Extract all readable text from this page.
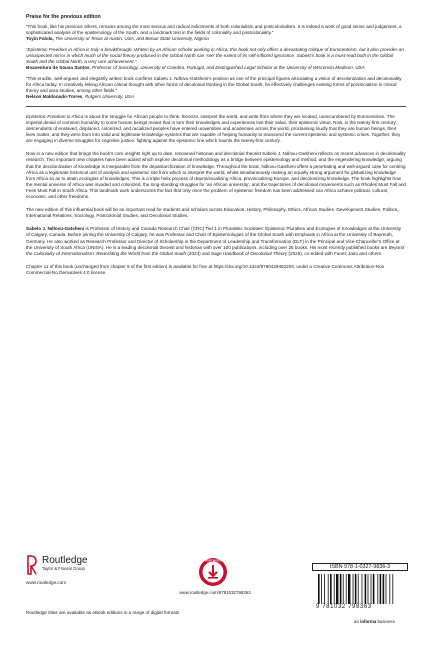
Praise for the previous edition
“This book, like his previous others, remains among the most serious and radical indictments of both colonialism and postcolonialism. It is indeed a work of good sense and judgement, a sophisticated analysis of the epistemology of the South, and a landmark text in the fields of coloniality and postcoloniality.”
Toyin Falola, The University of Texas at Austin, USA, and Benue State University, Nigeria
“Epistemic Freedom in Africa is truly a breakthrough. Written by an African scholar working in Africa, this book not only offers a devastating critique of Eurocentrism, but it also provides an unsuspected mirror in which much of the social theory produced in the Global North can ‘see’ the extent of its self-inflicted ignorance. Sabelo’s book is a must-read both in the Global South and the Global North, a very rare achievement.”
Boaventura de Sousa Santos, Professor of Sociology, University of Coimbra, Portugal, and Distinguished Legal Scholar at the University of Wisconsin-Madison, USA
“This erudite, well-argued, and elegantly written book confirms Sabelo J. Ndlovu-Gatsheni’s position as one of the principal figures articulating a vision of decolonization and decoloniality for Africa today. In creatively linking African critical thought with other forms of decolonial thinking in the Global South, he effectively challenges existing forms of provincialism in critical theory and area studies, among other fields.”
Nelson Maldonado-Torres, Rutgers University, USA

Epistemic Freedom in Africa is about the struggle for African people to think, theorize, interpret the world, and write from where they are located, unencumbered by Eurocentrism. The imperial denial of common humanity to some human beings meant that in turn their knowledges and experiences lost their value, their epistemic virtue. Now, in the twenty-first century, descendants of enslaved, displaced, colonized, and racialized peoples have entered universities and academies across the world, proclaiming loudly that they are human beings, their lives matter, and they were born into valid and legitimate knowledge systems that are capable of helping humanity to transcend the current epistemic and systemic crises. Together, they are engaging in diverse struggles for cognitive justice, fighting against the epistemic line which haunts the twenty-first century.

Now in a new edition that brings the book’s core insights right up to date, renowned historian and decolonial theorist Sabelo J. Ndlovu-Gatsheni reflects on recent advances in decoloniality research. Two important new chapters have been added which explore decolonial methodology as a bridge between epistemology and method, and the engendering knowledge, arguing that the decolonization of knowledge is inseparable from the depatriarchization of knowledge. Throughout the book, Ndlovu-Gatsheni offers a penetrating and well-argued case for centring Africa as a legitimate historical unit of analysis and epistemic site from which to interpret the world, whilst simultaneously making an equally strong argument for globalizing knowledge from Africa so as to attain ecologies of knowledges. This is a triple helix process of deprovincializing Africa, provincializing Europe, and decolonizing knowledge. The book highlights how the mental universe of Africa was invaded and colonized, the long-standing struggles for ‘an African university’, and the trajectories of decolonial movements such as Rhodes Must Fall and Fees Must Fall in South Africa. This landmark work underscores the fact that only once the problem of epistemic freedom has been addressed can Africa achieve political, cultural, economic, and other freedoms.

The new edition of this influential book will be an important read for students and scholars across Education, History, Philosophy, Ethics, African Studies, Development Studies, Politics, International Relations, Sociology, Postcolonial Studies, and Decolonial Studies.

Sabelo J. Ndlovu-Gatsheni is Professor of History and Canada Research Chair (CRC) Tier 1 in Pluralistic Societies: Epistemic Pluralism and Ecologies of Knowledges at the University of Calgary, Canada. Before joining the University of Calgary, he was Professor and Chair of Epistemologies of the Global South with Emphasis in Africa at the University of Bayreuth, Germany. He also worked as Research Professor and Director of Scholarship in the Department of Leadership and Transformation (DLT) in the Principal and Vice-Chancellor’s Office at the University of South Africa (UNISA). He is a leading decolonial theorist and historian with over 100 publications, including over 25 books. His most recently published books are Beyond the Coloniality of Internationalism: Reworlding the World from the Global South (2024) and Sage Handbook of Decolonial Theory (2025), co-edited with Funez Jairo and others.

Chapter 11 of this book (unchanged from chapter 9 of the first edition) is available for free at https://doi.org/10.4324/9780429492204, under a Creative Commons Attribution-Non Commercial-No Derivatives 4.0 license.

Routledge
Taylor & Francis Group
www.routledge.com
Routledge titles are available as eBook editions in a range of digital formats
SUPPORT MATERIAL
www.routledge.com/9781032798363
ISBN 978-1-0327-9836-3
9 781032 798363
an informa business
